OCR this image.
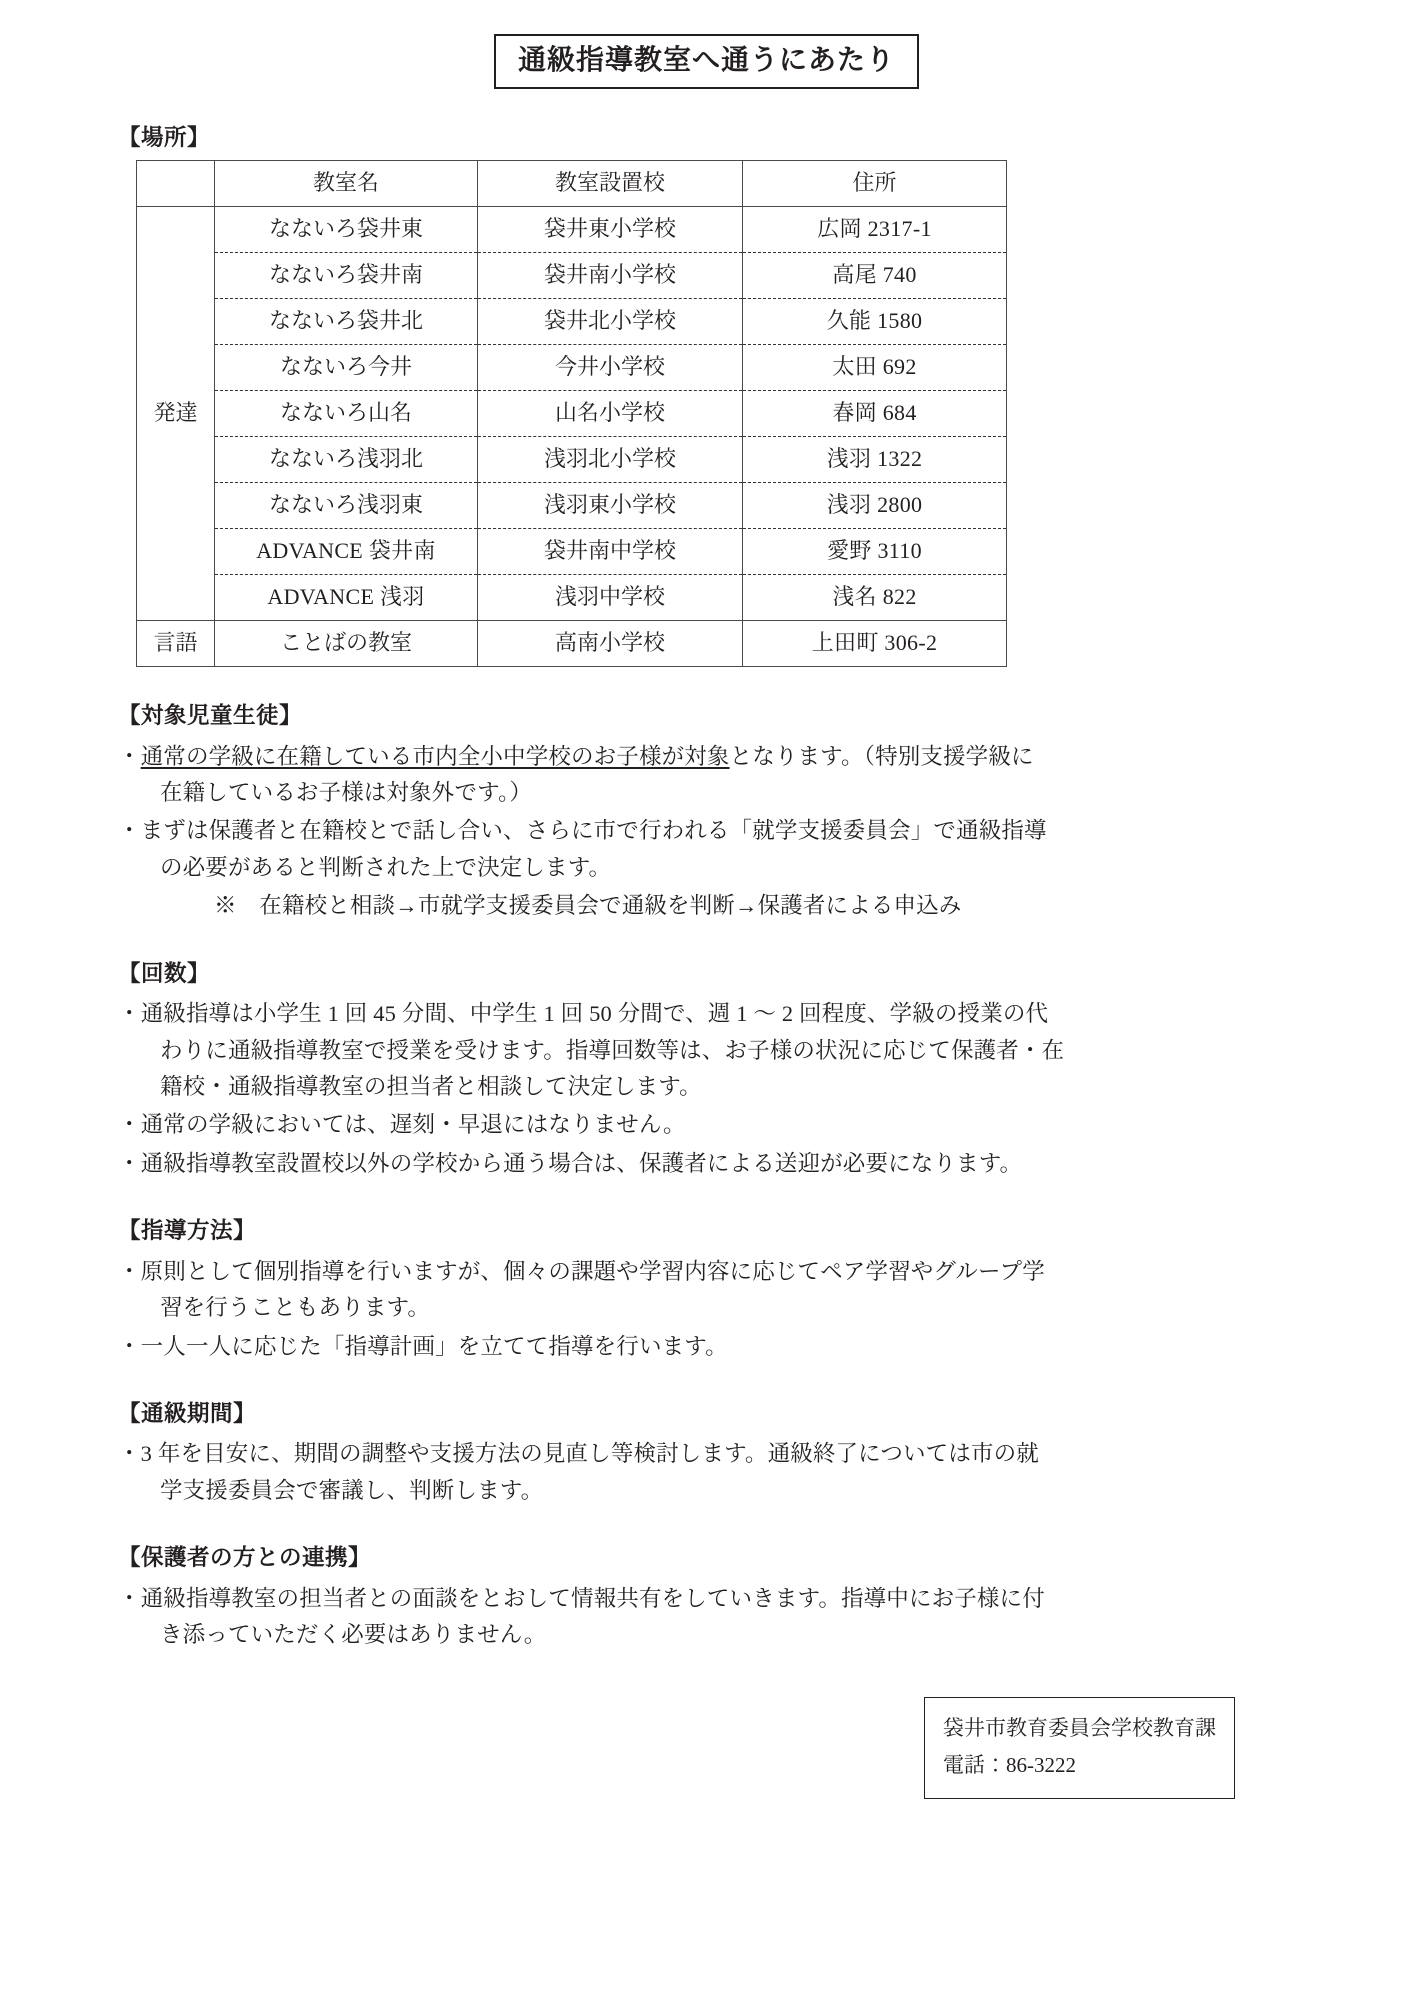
通級指導教室へ通うにあたり
【場所】
	教室名	教室設置校	住所
発達	なないろ袋井東	袋井東小学校	広岡 2317-1
	なないろ袋井南	袋井南小学校	高尾 740
	なないろ袋井北	袋井北小学校	久能 1580
	なないろ今井	今井小学校	太田 692
	なないろ山名	山名小学校	春岡 684
	なないろ浅羽北	浅羽北小学校	浅羽 1322
	なないろ浅羽東	浅羽東小学校	浅羽 2800
	ADVANCE 袋井南	袋井南中学校	愛野 3110
	ADVANCE 浅羽	浅羽中学校	浅名 822
言語	ことばの教室	高南小学校	上田町 306-2
【対象児童生徒】

・通常の学級に在籍している市内全小中学校のお子様が対象となります。（特別支援学級に
在籍しているお子様は対象外です。）

・まずは保護者と在籍校とで話し合い、さらに市で行われる「就学支援委員会」で通級指導
の必要があると判断された上で決定します。

※　在籍校と相談→市就学支援委員会で通級を判断→保護者による申込み

【回数】

・通級指導は小学生 1 回 45 分間、中学生 1 回 50 分間で、週 1 ～ 2 回程度、学級の授業の代
わりに通級指導教室で授業を受けます。指導回数等は、お子様の状況に応じて保護者・在
籍校・通級指導教室の担当者と相談して決定します。

・通常の学級においては、遅刻・早退にはなりません。

・通級指導教室設置校以外の学校から通う場合は、保護者による送迎が必要になります。

【指導方法】

・原則として個別指導を行いますが、個々の課題や学習内容に応じてペア学習やグループ学
習を行うこともあります。

・一人一人に応じた「指導計画」を立てて指導を行います。

【通級期間】

・3 年を目安に、期間の調整や支援方法の見直し等検討します。通級終了については市の就
学支援委員会で審議し、判断します。

【保護者の方との連携】

・通級指導教室の担当者との面談をとおして情報共有をしていきます。指導中にお子様に付
き添っていただく必要はありません。

袋井市教育委員会学校教育課
電話：86-3222
